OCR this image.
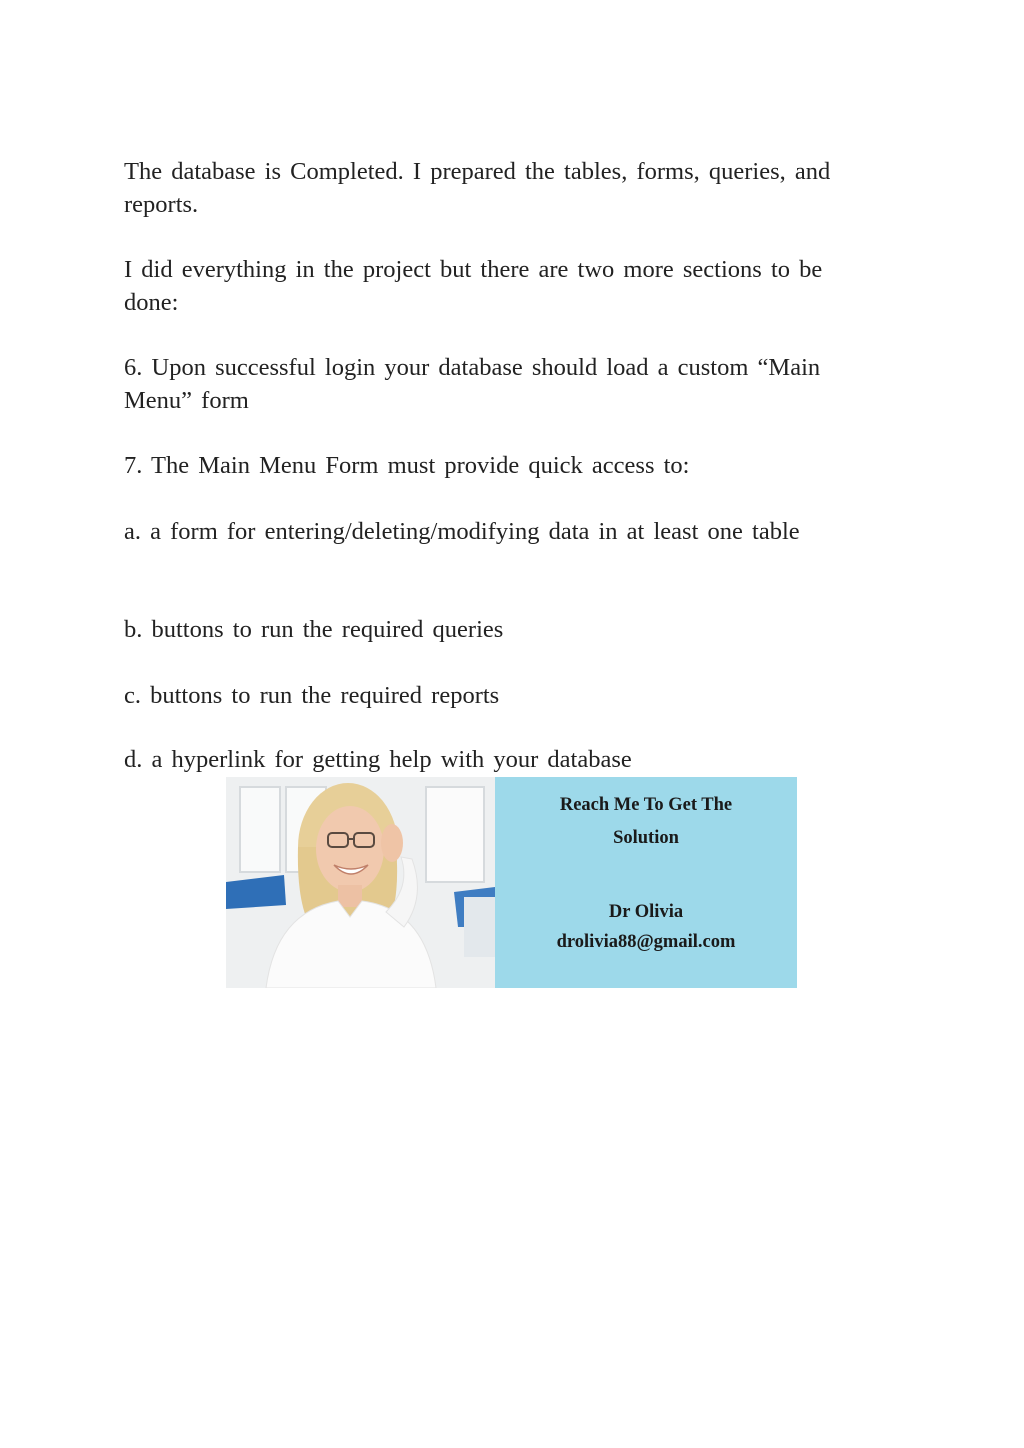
The database is Completed. I prepared the tables, forms, queries, and reports.

I did everything in the project but there are two more sections to be done:

6. Upon successful login your database should load a custom “Main Menu” form

7. The Main Menu Form must provide quick access to:

a. a form for entering/deleting/modifying data in at least one table

b. buttons to run the required queries

c. buttons to run the required reports

d. a hyperlink for getting help with your database

Reach Me To Get The
Solution
Dr Olivia
drolivia88@gmail.com
